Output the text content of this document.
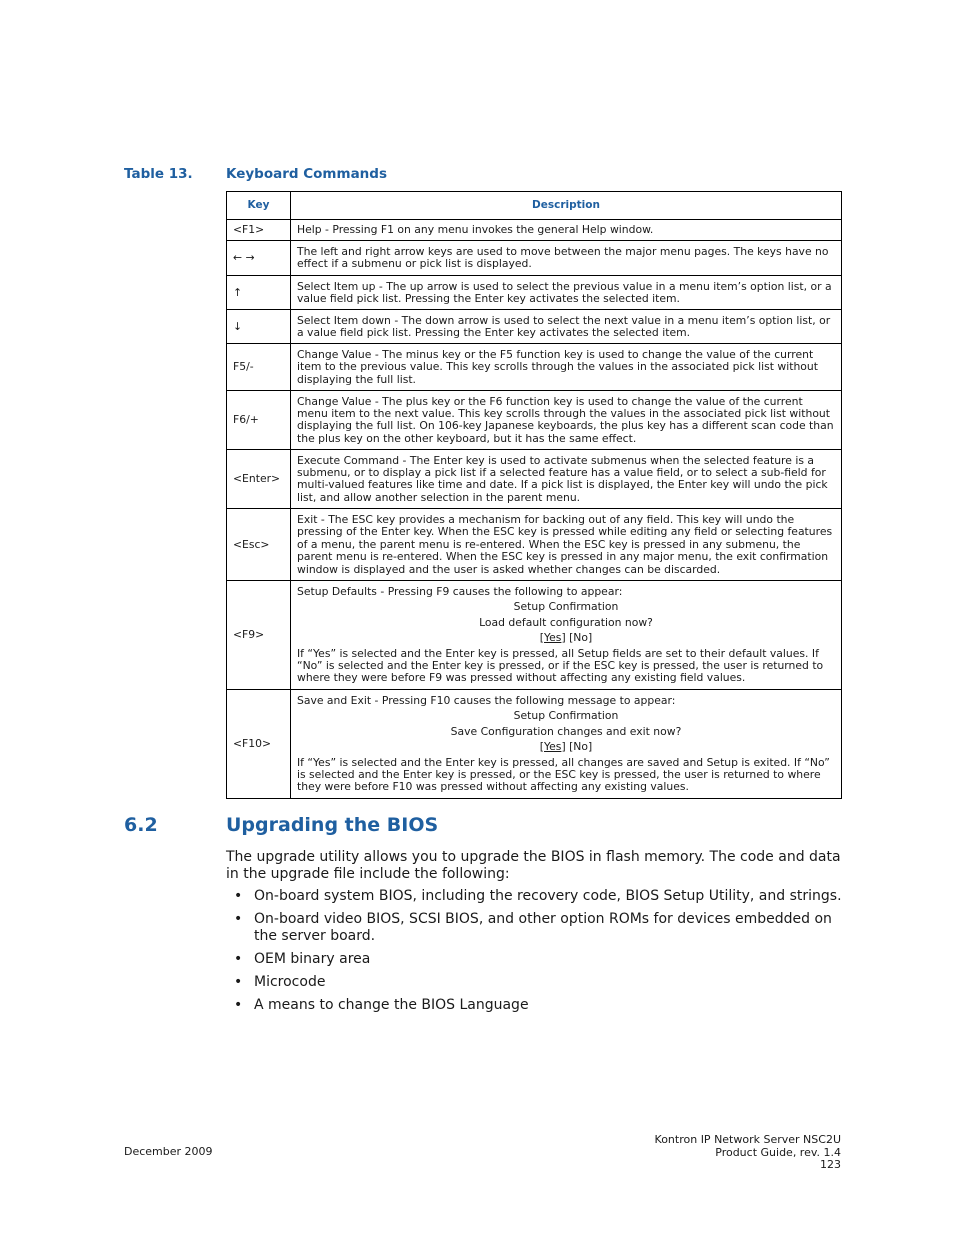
Table 13. Keyboard Commands
Key	Description
<F1>	Help - Pressing F1 on any menu invokes the general Help window.
← →	The left and right arrow keys are used to move between the major menu pages. The keys have no effect if a submenu or pick list is displayed.
↑	Select Item up - The up arrow is used to select the previous value in a menu item’s option list, or a value field pick list. Pressing the Enter key activates the selected item.
↓	Select Item down - The down arrow is used to select the next value in a menu item’s option list, or a value field pick list. Pressing the Enter key activates the selected item.
F5/-	Change Value - The minus key or the F5 function key is used to change the value of the current item to the previous value. This key scrolls through the values in the associated pick list without displaying the full list.
F6/+	Change Value - The plus key or the F6 function key is used to change the value of the current menu item to the next value. This key scrolls through the values in the associated pick list without displaying the full list. On 106-key Japanese keyboards, the plus key has a different scan code than the plus key on the other keyboard, but it has the same effect.
<Enter>	Execute Command - The Enter key is used to activate submenus when the selected feature is a submenu, or to display a pick list if a selected feature has a value field, or to select a sub-field for multi-valued features like time and date. If a pick list is displayed, the Enter key will undo the pick list, and allow another selection in the parent menu.
<Esc>	Exit - The ESC key provides a mechanism for backing out of any field. This key will undo the pressing of the Enter key. When the ESC key is pressed while editing any field or selecting features of a menu, the parent menu is re-entered. When the ESC key is pressed in any submenu, the parent menu is re-entered. When the ESC key is pressed in any major menu, the exit confirmation window is displayed and the user is asked whether changes can be discarded.
<F9>	Setup Defaults - Pressing F9 causes the following to appear:
Setup Confirmation
Load default configuration now?
[Yes] [No]
If “Yes” is selected and the Enter key is pressed, all Setup fields are set to their default values. If “No” is selected and the Enter key is pressed, or if the ESC key is pressed, the user is returned to where they were before F9 was pressed without affecting any existing field values.

<F10>	Save and Exit - Pressing F10 causes the following message to appear:
Setup Confirmation
Save Configuration changes and exit now?
[Yes] [No]
If “Yes” is selected and the Enter key is pressed, all changes are saved and Setup is exited. If “No” is selected and the Enter key is pressed, or the ESC key is pressed, the user is returned to where they were before F10 was pressed without affecting any existing values.
6.2	Upgrading the BIOS

The upgrade utility allows you to upgrade the BIOS in flash memory. The code and data in the upgrade file include the following:

• On-board system BIOS, including the recovery code, BIOS Setup Utility, and strings.
• On-board video BIOS, SCSI BIOS, and other option ROMs for devices embedded on the server board.
• OEM binary area
• Microcode
• A means to change the BIOS Language
December 2009
Kontron IP Network Server NSC2U
Product Guide, rev. 1.4
123
